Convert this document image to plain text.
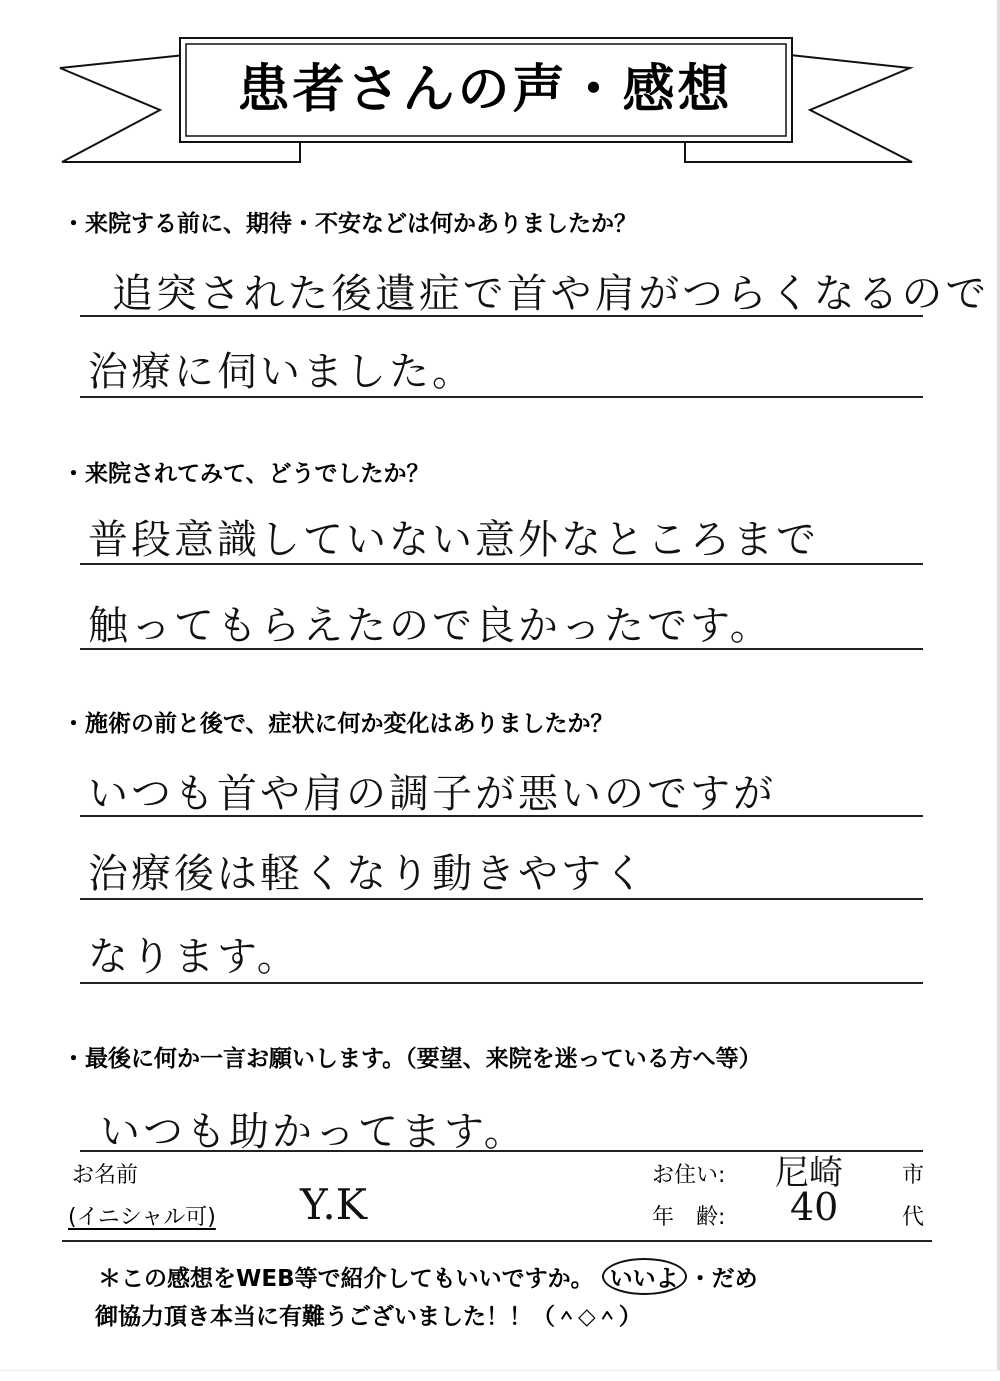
患者さんの声・感想
・来院する前に、期待・不安などは何かありましたか？
追突された後遺症で首や肩がつらくなるので
治療に伺いました。
・来院されてみて、どうでしたか？
普段意識していない意外なところまで
触ってもらえたので良かったです。
・施術の前と後で、症状に何か変化はありましたか？
いつも首や肩の調子が悪いのですが
治療後は軽くなり動きやすく
なります。
・最後に何か一言お願いします。（要望、来院を迷っている方へ等）
いつも助かってます。
お名前
(イニシャル可) Y.K
お住い: 尼崎	市
年　齢: 40	代
＊この感想をWEB等で紹介してもいいですか。 いいよ ・だめ
御協力頂き本当に有難うございました！！（＾◇＾）
